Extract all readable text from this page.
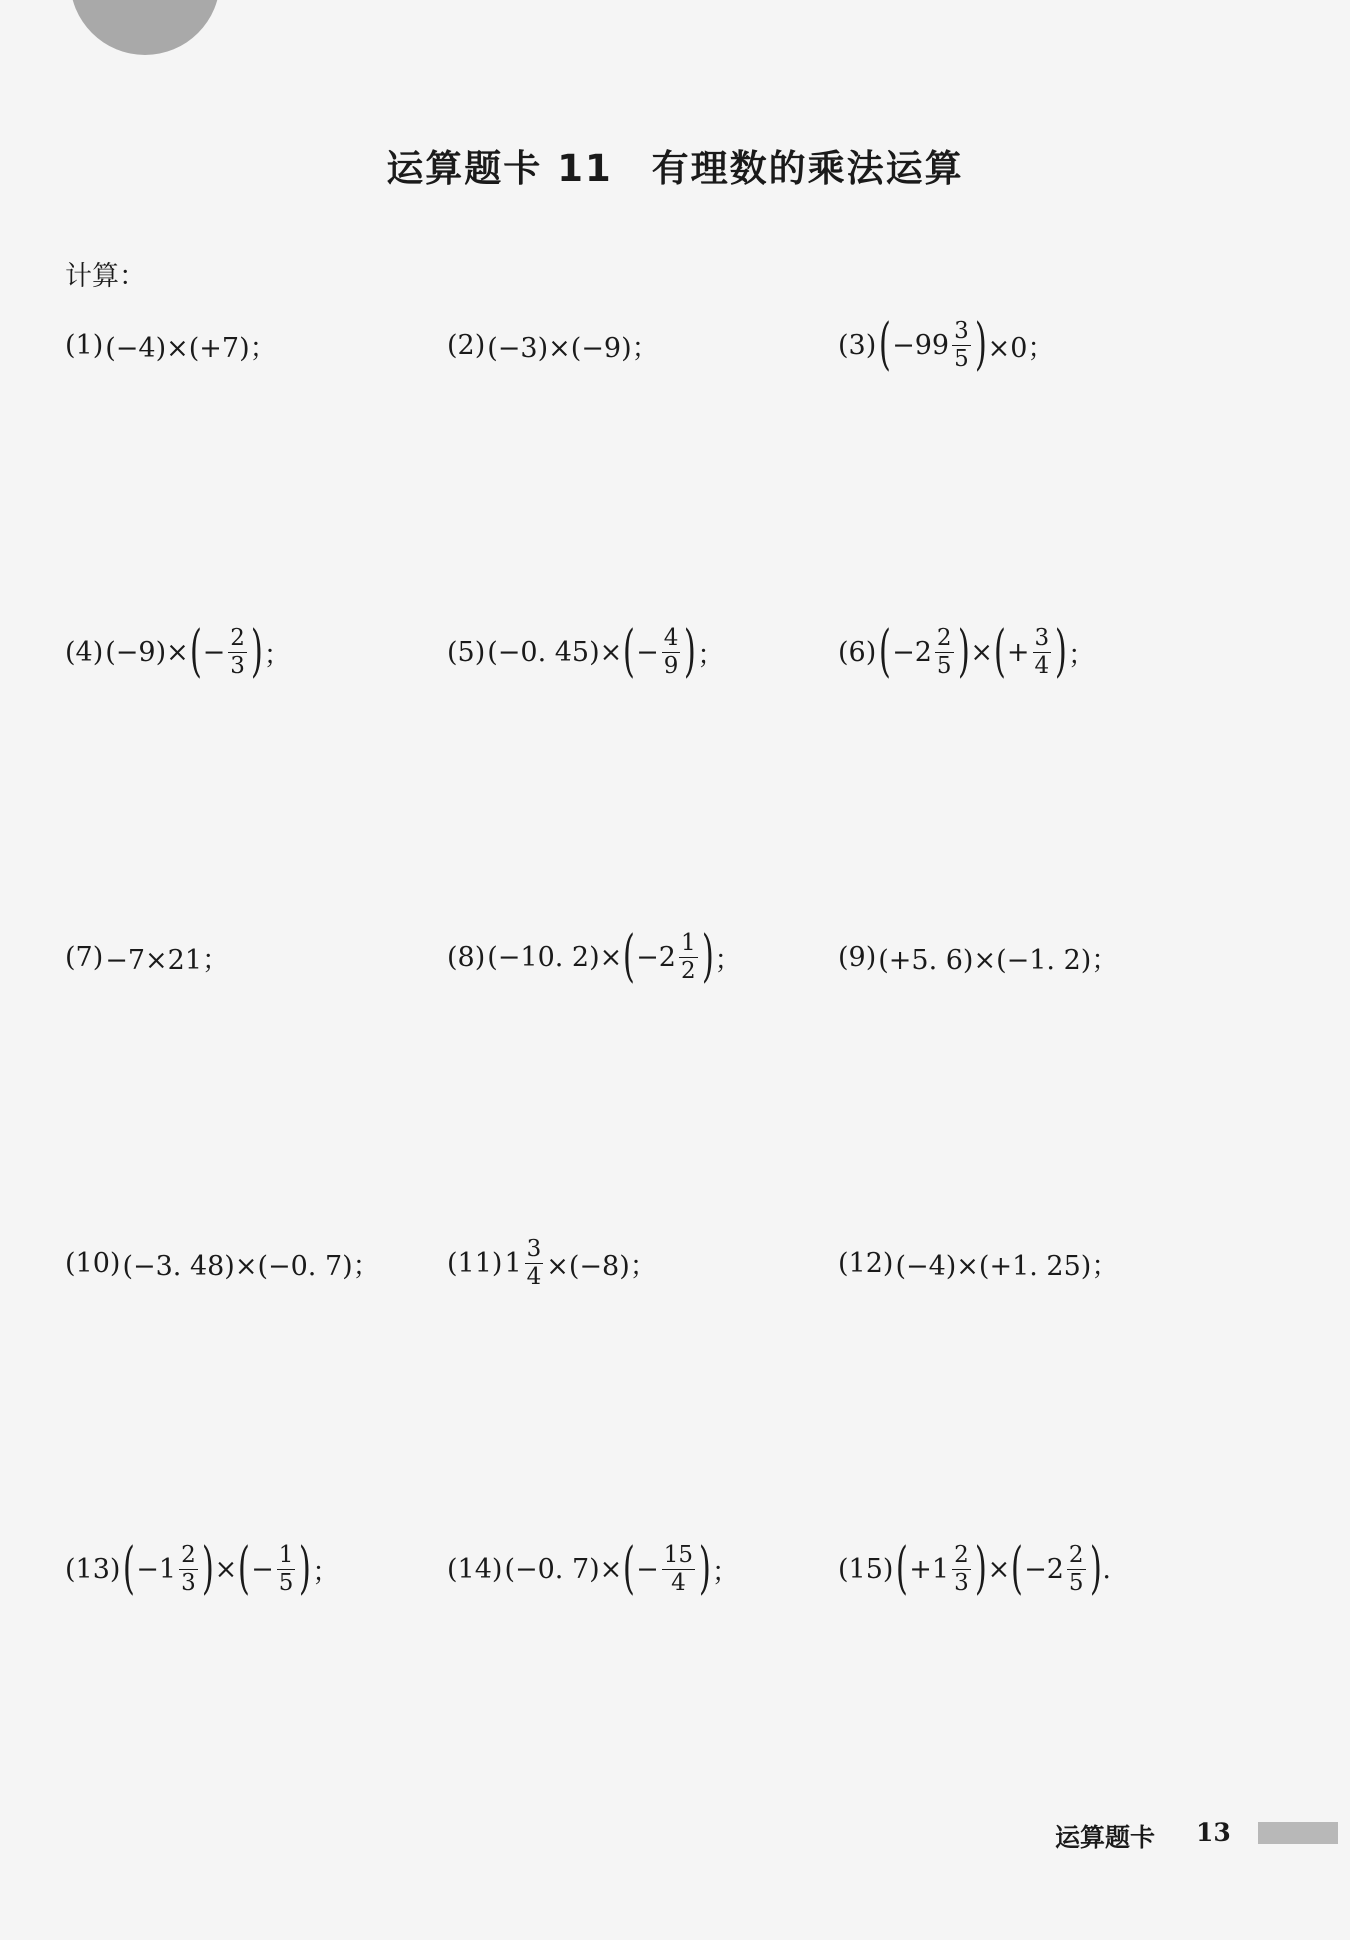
运算题卡 11　有理数的乘法运算
计算：
(1) (−4)×(+7)；	(2) (−3)×(−9)；	(3) ( $-99 \frac{3}{5}$ ) ×0；
(4) (−9)× ( − $\frac{2}{3}$ ) ；	(5) (−0. 45)× ( − $\frac{4}{9}$ ) ；	(6) ( $-2 \frac{2}{5}$ ) × ( + $\frac{3}{4}$ ) ；
(7) −7×21；	(8) (−10. 2)× ( $-2 \frac{1}{2}$ ) ；	(9) (+5. 6)×(−1. 2)；
(10) (−3. 48)×(−0. 7)； (11) $1 \frac{3}{4} \times(-8)$；	(12) (−4)×(+1. 25)；
(13) ( $-1 \frac{2}{3}$ ) × ( − $\frac{1}{5}$ ) ；	(14) (−0. 7)× ( − $\frac{15}{4}$ ) ；	(15) ( $+1 \frac{2}{3}$ ) × ( $-2 \frac{2}{5}$ ) .
运算题卡 13
